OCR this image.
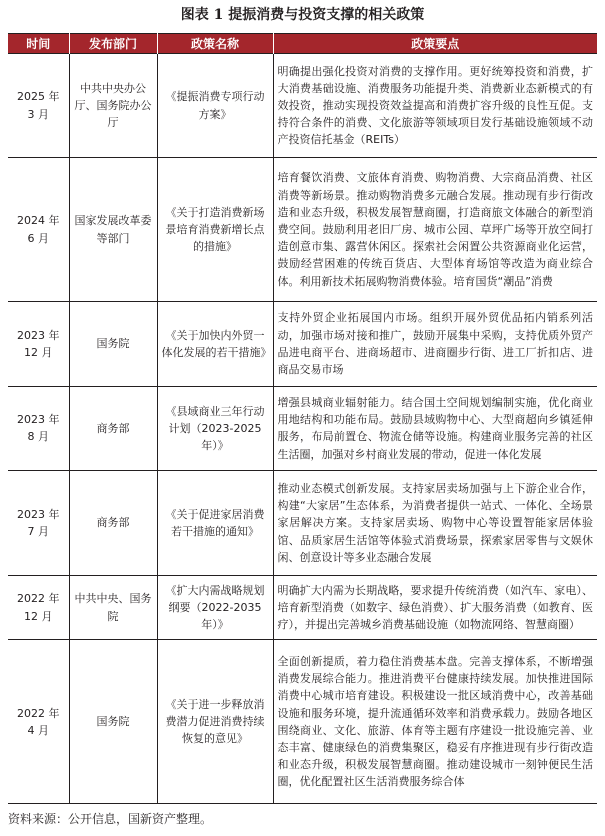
图表 1 提振消费与投资支撑的相关政策
时间	发布部门	政策名称	政策要点
2025 年 3 月	中共中央办公厅、国务院办公厅	《提振消费专项行动方案》	明确提出强化投资对消费的支撑作用。更好统筹投资和消费，扩大消费基础设施、消费服务功能提升类、消费新业态新模式的有效投资，推动实现投资效益提高和消费扩容升级的良性互促。支持符合条件的消费、文化旅游等领域项目发行基础设施领域不动产投资信托基金（REITs）
2024 年 6 月	国家发展改革委等部门	《关于打造消费新场景培育消费新增长点的措施》	培育餐饮消费、文旅体育消费、购物消费、大宗商品消费、社区消费等新场景。推动购物消费多元融合发展。推动现有步行街改造和业态升级，积极发展智慧商圈，打造商旅文体融合的新型消费空间。鼓励利用老旧厂房、城市公园、草坪广场等开放空间打造创意市集、露营休闲区。探索社会闲置公共资源商业化运营，鼓励经营困难的传统百货店、大型体育场馆等改造为商业综合体。利用新技术拓展购物消费体验。培育国货“潮品”消费
2023 年 12 月	国务院	《关于加快内外贸一体化发展的若干措施》	支持外贸企业拓展国内市场。组织开展外贸优品拓内销系列活动，加强市场对接和推广，鼓励开展集中采购，支持优质外贸产品进电商平台、进商场超市、进商圈步行街、进工厂折扣店、进商品交易市场
2023 年 8 月	商务部	《县域商业三年行动计划（2023-2025 年）》	增强县城商业辐射能力。结合国土空间规划编制实施，优化商业用地结构和功能布局。鼓励县域购物中心、大型商超向乡镇延伸服务，布局前置仓、物流仓储等设施。构建商业服务完善的社区生活圈，加强对乡村商业发展的带动，促进一体化发展
2023 年 7 月	商务部	《关于促进家居消费若干措施的通知》	推动业态模式创新发展。支持家居卖场加强与上下游企业合作，构建“大家居”生态体系，为消费者提供一站式、一体化、全场景家居解决方案。支持家居卖场、购物中心等设置智能家居体验馆、品质家居生活馆等体验式消费场景，探索家居零售与文娱休闲、创意设计等多业态融合发展
2022 年 12 月	中共中央、国务院	《扩大内需战略规划纲要（2022-2035 年）》	明确扩大内需为长期战略，要求提升传统消费（如汽车、家电）、培育新型消费（如数字、绿色消费）、扩大服务消费（如教育、医疗），并提出完善城乡消费基础设施（如物流网络、智慧商圈）
2022 年 4 月	国务院	《关于进一步释放消费潜力促进消费持续恢复的意见》	全面创新提质，着力稳住消费基本盘。完善支撑体系，不断增强消费发展综合能力。推进消费平台健康持续发展。加快推进国际消费中心城市培育建设。积极建设一批区域消费中心，改善基础设施和服务环境，提升流通循环效率和消费承载力。鼓励各地区围绕商业、文化、旅游、体育等主题有序建设一批设施完善、业态丰富、健康绿色的消费集聚区，稳妥有序推进现有步行街改造和业态升级，积极发展智慧商圈。推动建设城市一刻钟便民生活圈，优化配置社区生活消费服务综合体
资料来源：公开信息，国新资产整理。
